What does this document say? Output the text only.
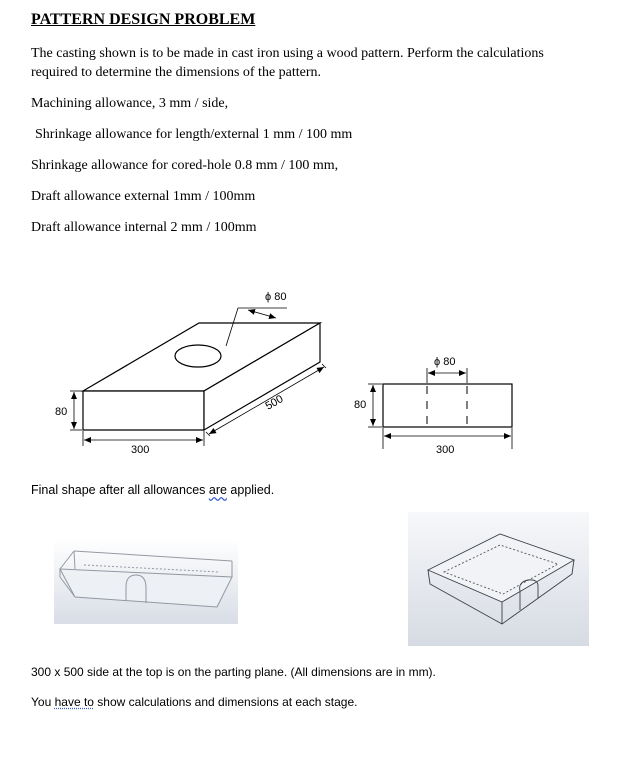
PATTERN DESIGN PROBLEM
The casting shown is to be made in cast iron using a wood pattern. Perform the calculations required to determine the dimensions of the pattern.
Machining allowance, 3 mm / side,
Shrinkage allowance for length/external 1 mm / 100 mm
Shrinkage allowance for cored-hole 0.8 mm / 100 mm,
Draft allowance external 1mm / 100mm
Draft allowance internal 2 mm / 100mm
ϕ 80
80
300
500
ϕ 80
80
300
Final shape after all allowances are applied.
300 x 500 side at the top is on the parting plane. (All dimensions are in mm).
You have to show calculations and dimensions at each stage.
